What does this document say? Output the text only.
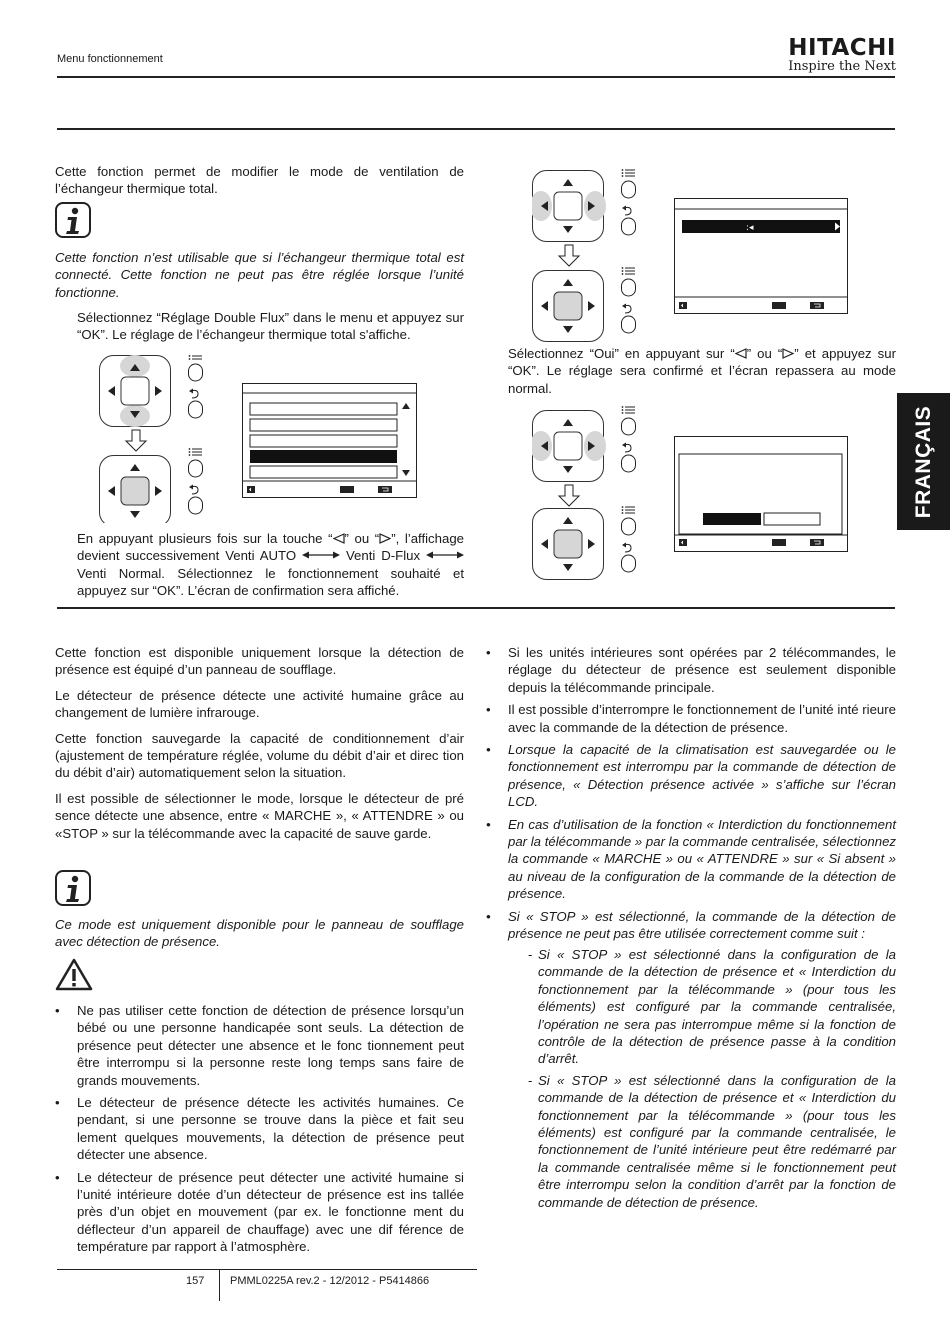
Menu fonctionnement	HITACHI
Inspire the Next
FRANÇAIS

Cette fonction permet de modifier le mode de ventilation de l’échangeur thermique total.

Cette fonction n’est utilisable que si l’échangeur thermique total est connecté. Cette fonction ne peut pas être réglée lorsque l’unité fonctionne.

Sélectionnez “Réglage Double Flux” dans le menu et appuyez sur “OK”. Le réglage de l’échangeur thermique total s'affiche.

En appuyant plusieurs fois sur la touche “ ” ou “ ”, l’affichage devient successivement Venti AUTO	Venti D-Flux  Venti Normal. Sélectionnez le fonctionnement souhaité et appuyez sur “OK”. L’écran de confirmation sera affiché.
:◂
Sélectionnez “Oui” en appuyant sur “ ” ou “ ” et appuyez sur “OK”. Le réglage sera confirmé et l’écran repassera au mode normal.

Cette fonction est disponible uniquement lorsque la détection de présence est équipé d’un panneau de soufflage.

Le détecteur de présence détecte une activité humaine grâce au changement de lumière infrarouge.

Cette fonction sauvegarde la capacité de conditionnement d’air (ajustement de température réglée, volume du débit d’air et direc tion du débit d’air) automatiquement selon la situation.

Il est possible de sélectionner le mode, lorsque le détecteur de pré sence détecte une absence, entre « MARCHE », « ATTENDRE » ou «STOP » sur la télécommande avec la capacité de sauve garde.

Ce mode est uniquement disponible pour le panneau de soufflage avec détection de présence.

• Ne pas utiliser cette fonction de détection de présence lorsqu’un bébé ou une personne handicapée sont seuls. La détection de présence peut détecter une absence et le fonc tionnement peut être interrompu si la personne reste long temps sans faire de grands mouvements.
• Le détecteur de présence détecte les activités humaines. Ce pendant, si une personne se trouve dans la pièce et fait seu lement quelques mouvements, la détection de présence peut détecter une absence.
• Le détecteur de présence peut détecter une activité humaine si l’unité intérieure dotée d’un détecteur de présence est ins tallée près d’un objet en mouvement (par ex. le fonctionne ment du déflecteur d’un appareil de chauffage) avec une dif férence de température par rapport à l’atmosphère.
• Si les unités intérieures sont opérées par 2 télécommandes, le réglage du détecteur de présence est seulement disponible depuis la télécommande principale.
• Il est possible d’interrompre le fonctionnement de l’unité inté rieure avec la commande de la détection de présence.
• Lorsque la capacité de la climatisation est sauvegardée ou le fonctionnement est interrompu par la commande de détection de présence, « Détection présence activée » s’affiche sur l’écran LCD.
• En cas d’utilisation de la fonction « Interdiction du fonctionnement par la télécommande » par la commande centralisée, sélectionnez la commande « MARCHE » ou « ATTENDRE » sur « Si absent » au niveau de la configuration de la commande de la détection de présence.
• Si « STOP » est sélectionné, la commande de la détection de présence ne peut pas être utilisée correctement comme suit :
- Si « STOP » est sélectionné dans la configuration de la commande de la détection de présence et « Interdiction du fonctionnement par la télécommande » (pour tous les éléments) est configuré par la commande centralisée, l’opération ne sera pas interrompue même si la fonction de contrôle de la détection de présence passe à la condition d’arrêt.
- Si « STOP » est sélectionné dans la configuration de la commande de la détection de présence et « Interdiction du fonctionnement par la télécommande » (pour tous les éléments) est configuré par la commande centralisée, le fonctionnement de l’unité intérieure peut être redémarré par la commande centralisée même si le fonctionnement peut être interrompu selon la condition d’arrêt par la fonction de commande de détection de présence.
157 PMML0225A rev.2 - 12/2012 - P5414866
